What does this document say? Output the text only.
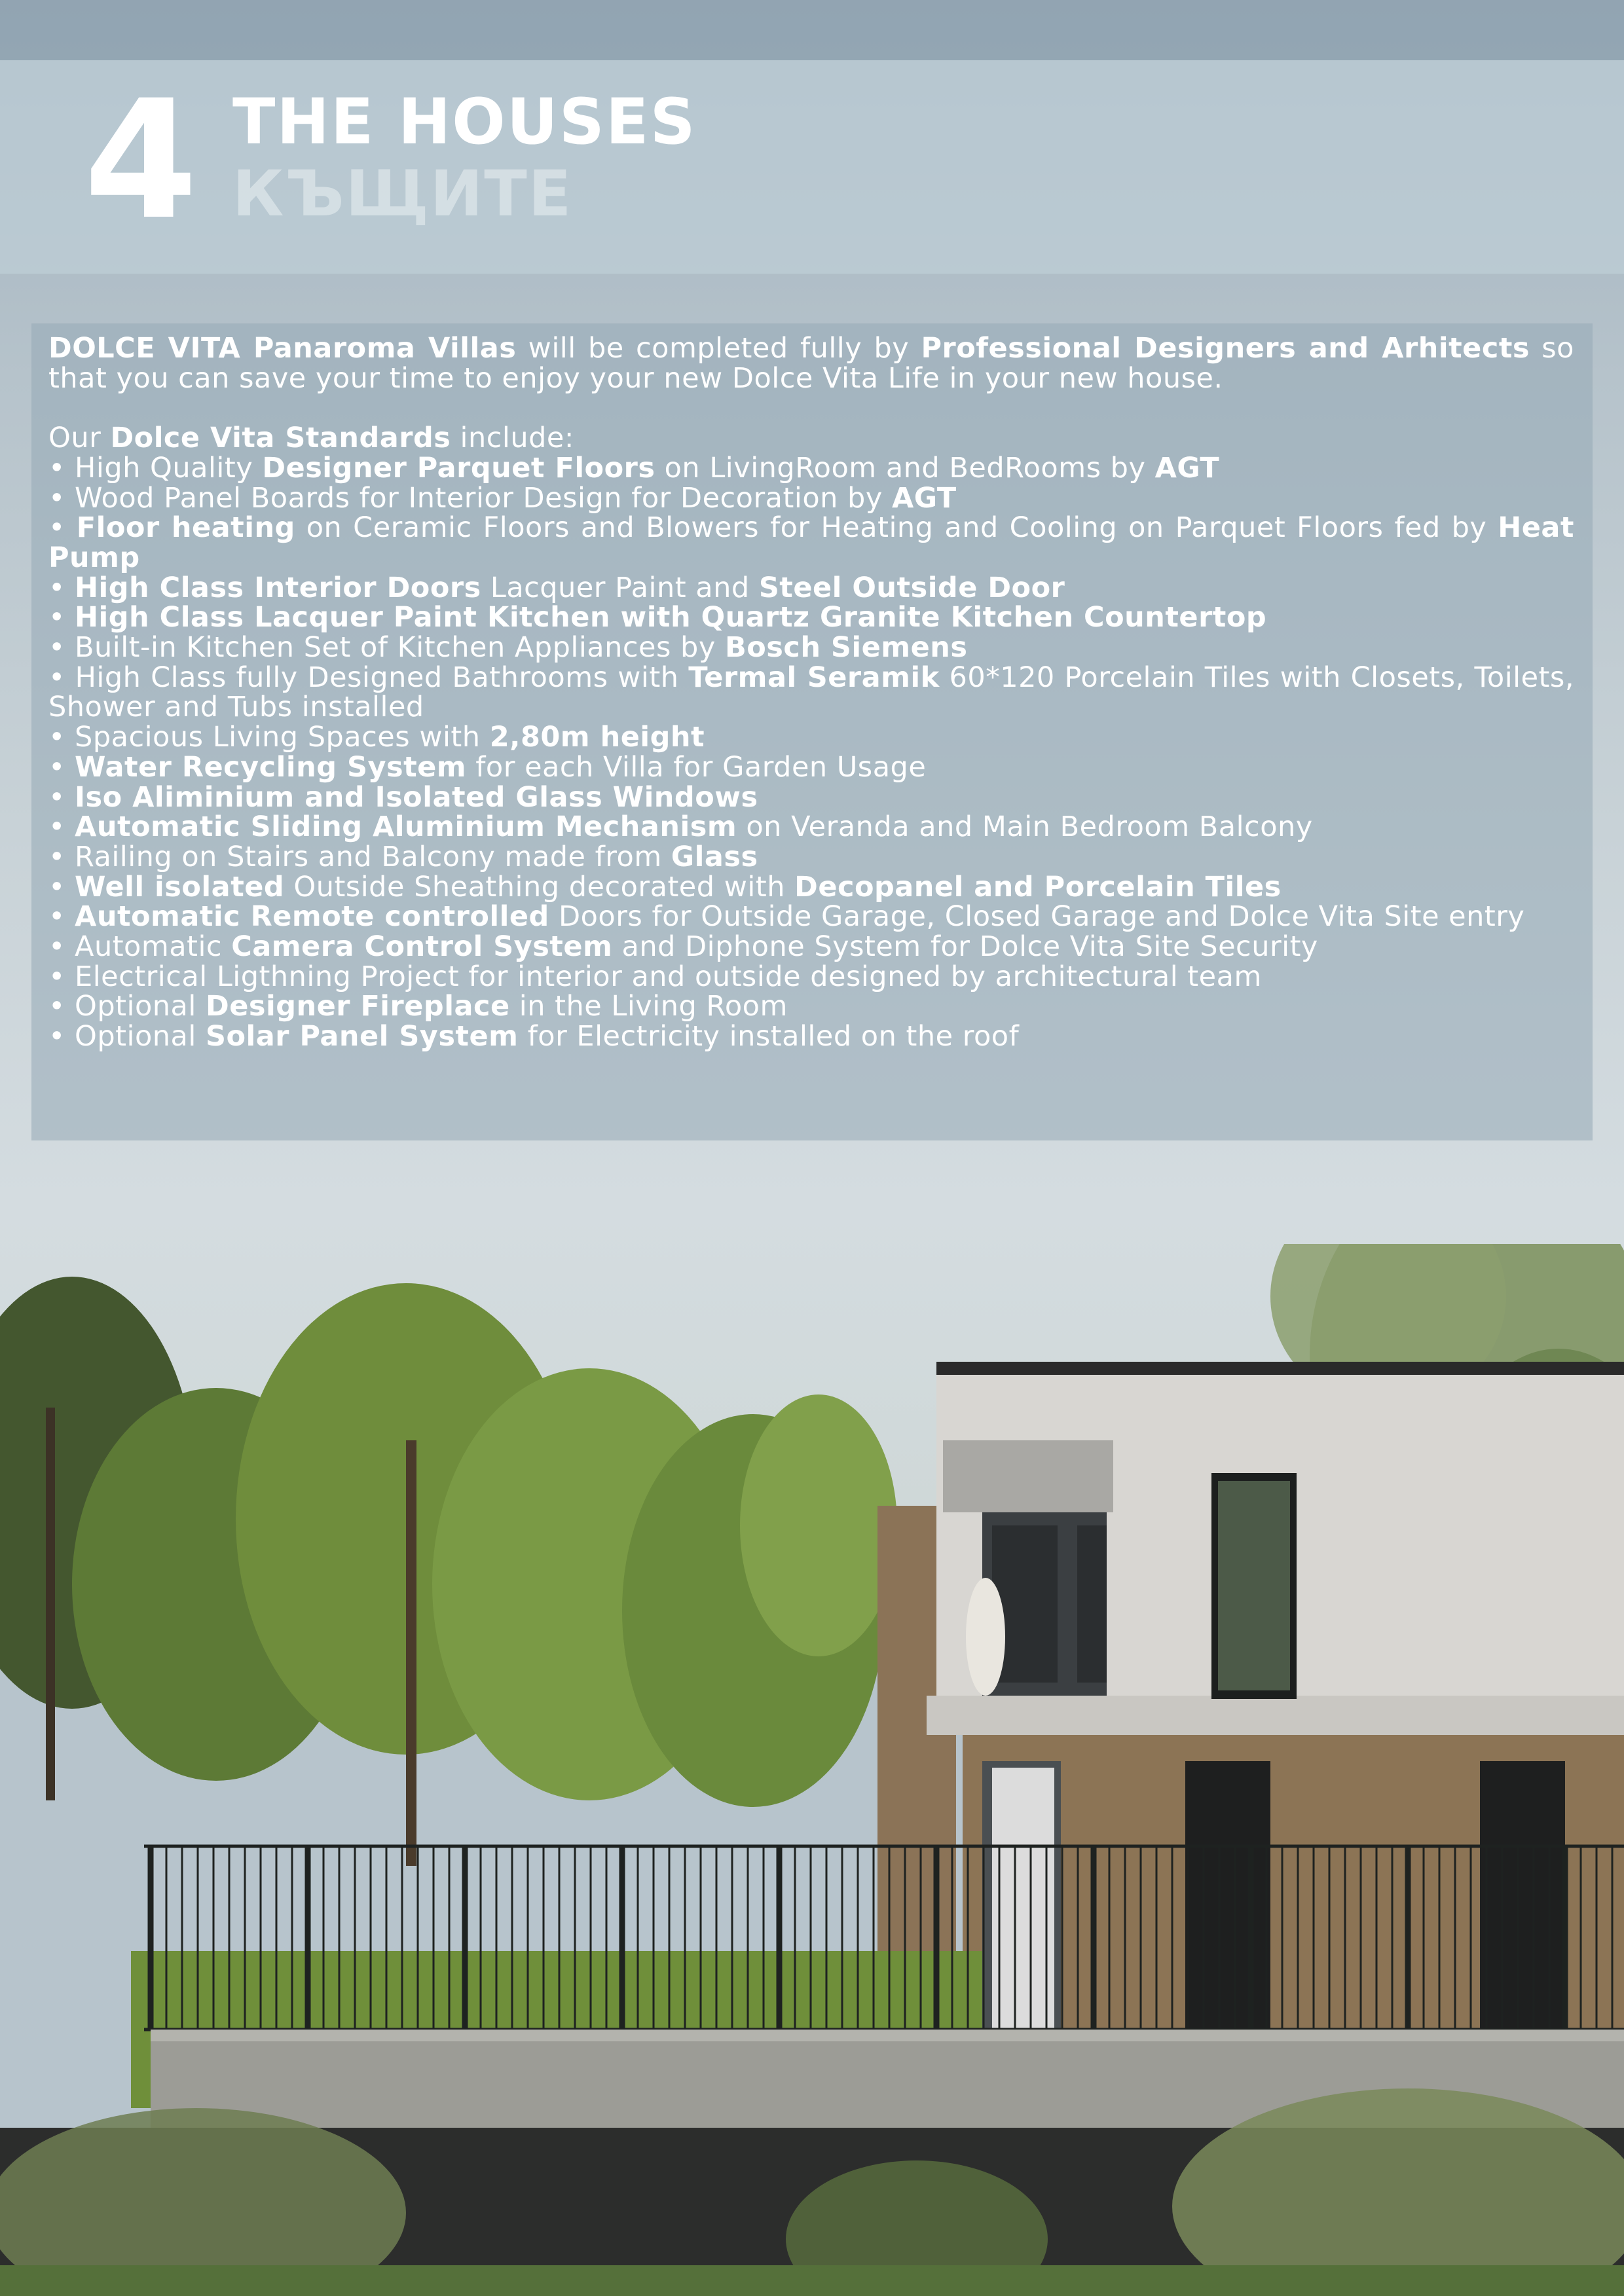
4 THE HOUSES
КЪЩИТЕ

DOLCE VITA Panaroma Villas will be completed fully by Professional Designers and Arhitects so that you can save your time to enjoy your new Dolce Vita Life in your new house.

Our Dolce Vita Standards include:

• High Quality Designer Parquet Floors on LivingRoom and BedRooms by AGT

• Wood Panel Boards for Interior Design for Decoration by AGT

• Floor heating on Ceramic Floors and Blowers for Heating and Cooling on Parquet Floors fed by Heat Pump

• High Class Interior Doors Lacquer Paint and Steel Outside Door

• High Class Lacquer Paint Kitchen with Quartz Granite Kitchen Countertop

• Built-in Kitchen Set of Kitchen Appliances by Bosch Siemens

• High Class fully Designed Bathrooms with Termal Seramik 60*120 Porcelain Tiles with Closets, Toilets, Shower and Tubs installed

• Spacious Living Spaces with 2,80m height

• Water Recycling System for each Villa for Garden Usage

• Iso Aliminium and Isolated Glass Windows

• Automatic Sliding Aluminium Mechanism on Veranda and Main Bedroom Balcony

• Railing on Stairs and Balcony made from Glass

• Well isolated Outside Sheathing decorated with Decopanel and Porcelain Tiles

• Automatic Remote controlled Doors for Outside Garage, Closed Garage and Dolce Vita Site entry

• Automatic Camera Control System and Diphone System for Dolce Vita Site Security

• Electrical Ligthning Project for interior and outside designed by architectural team

• Optional Designer Fireplace in the Living Room

• Optional Solar Panel System for Electricity installed on the roof
